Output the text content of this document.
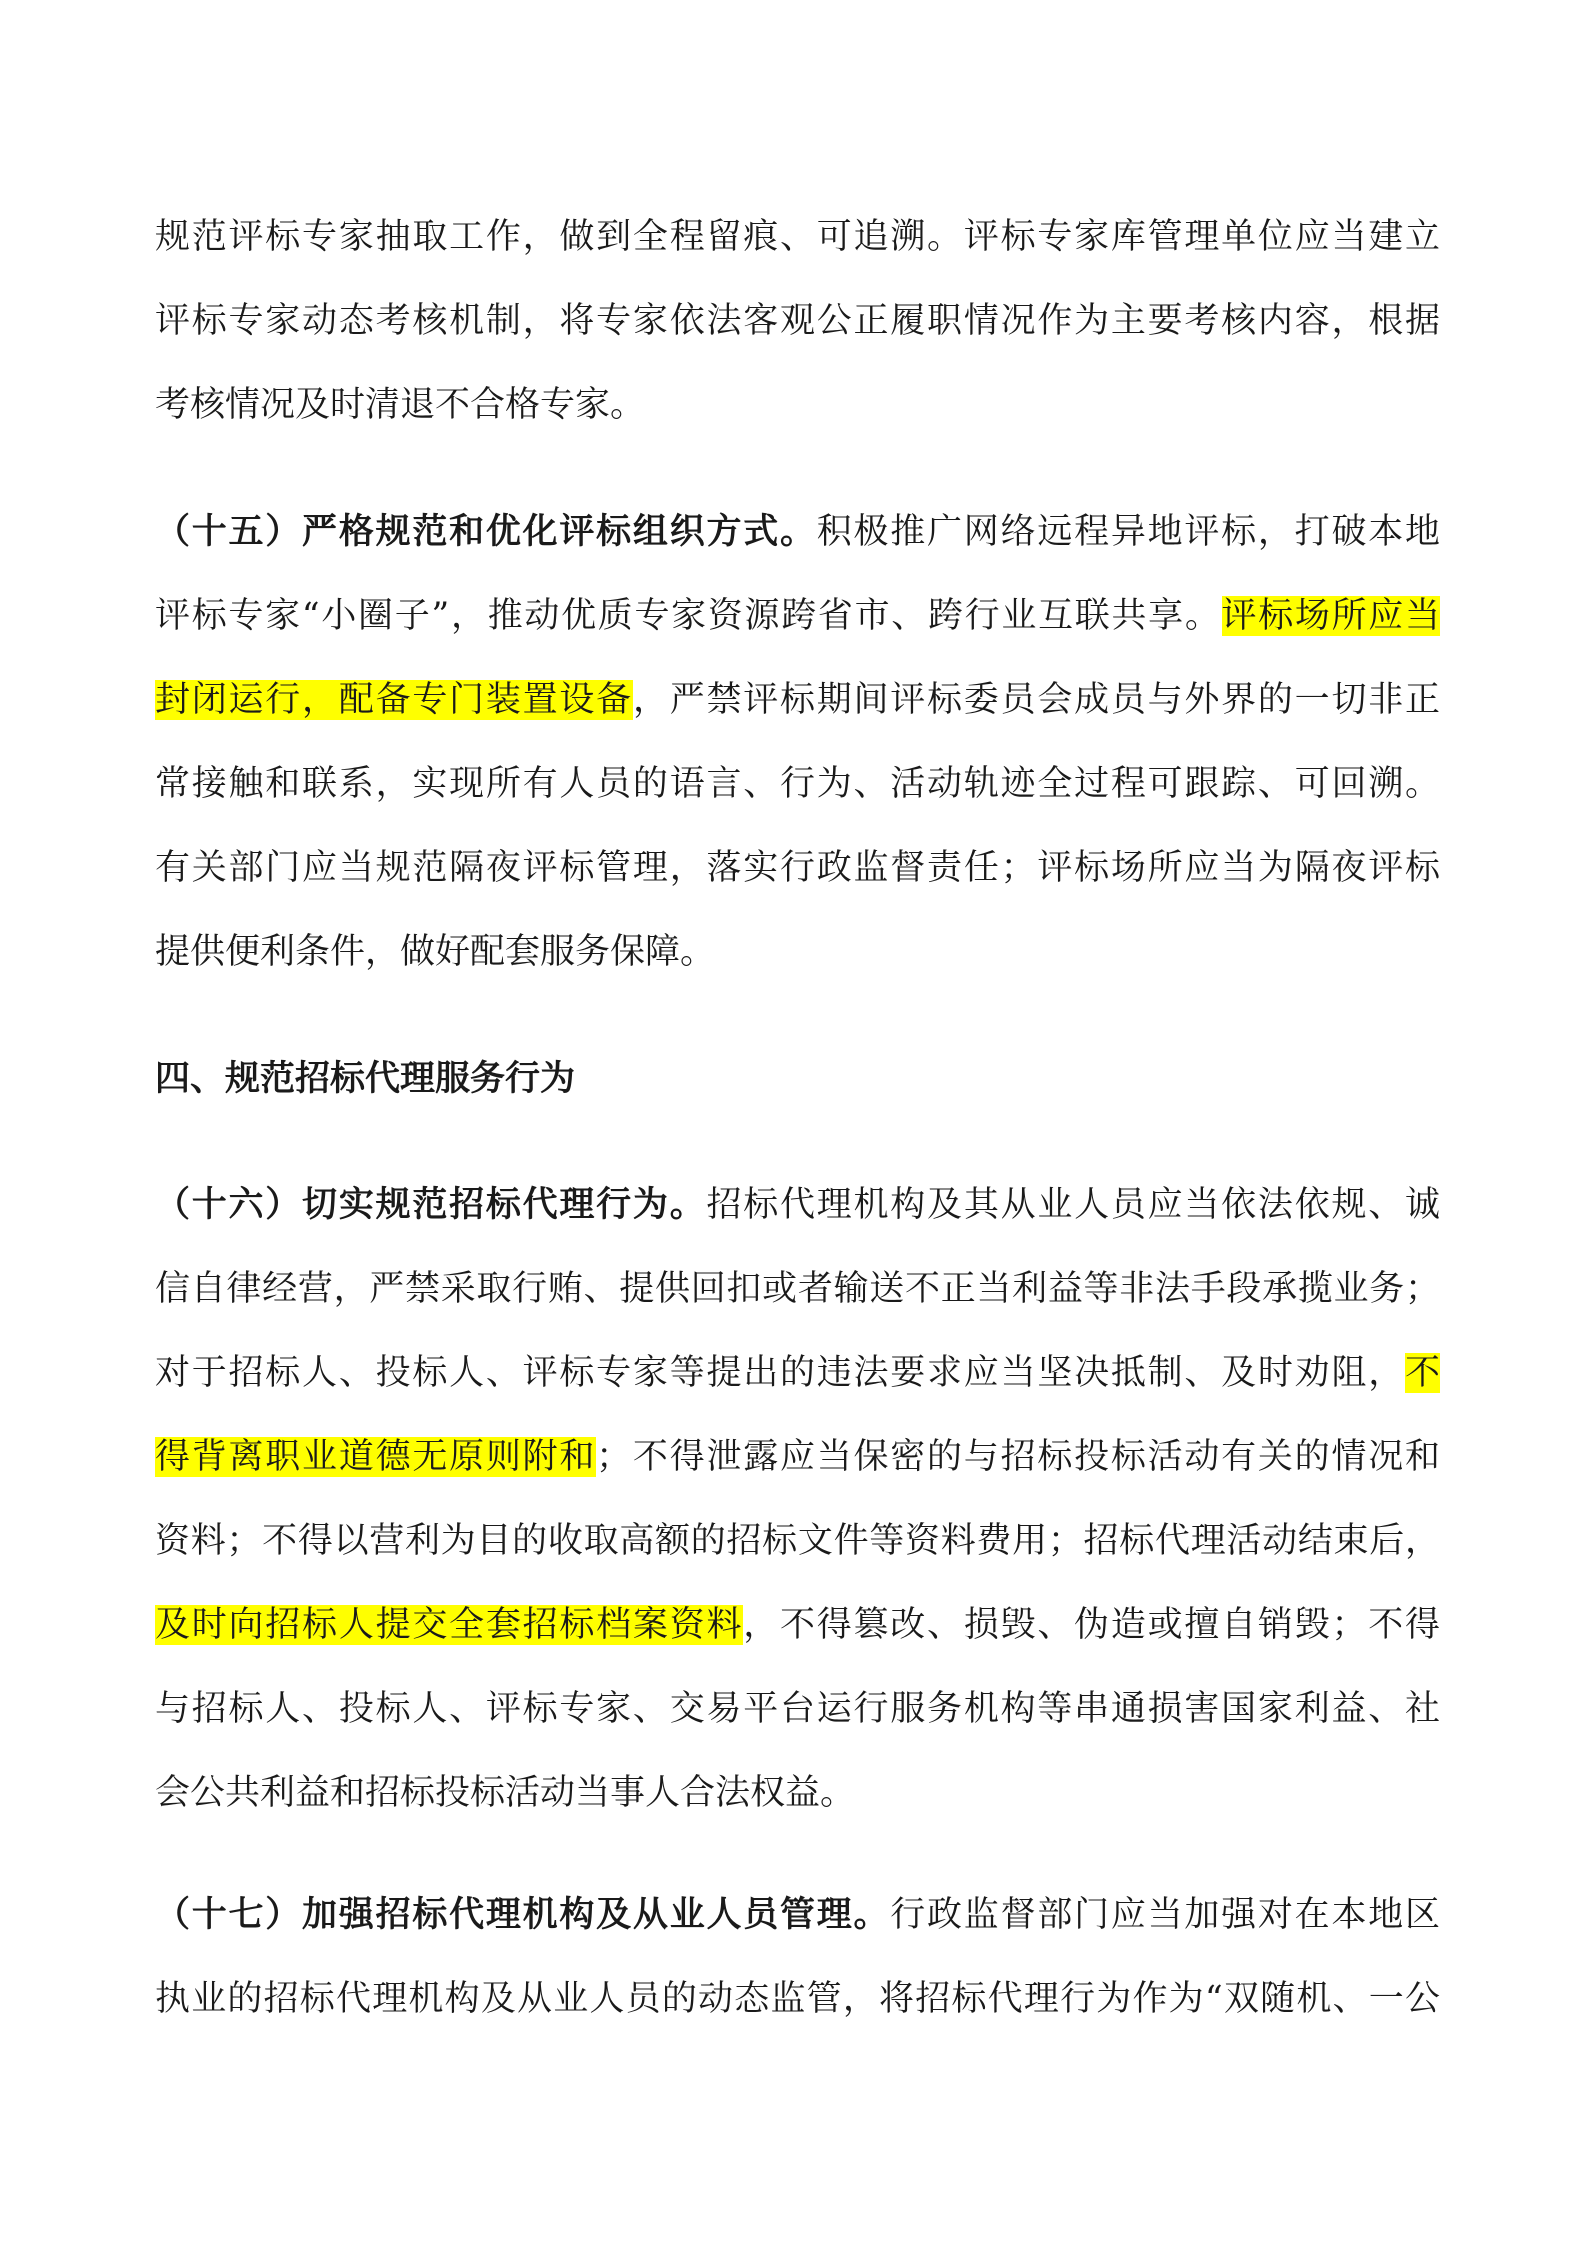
规范评标专家抽取工作，做到全程留痕、可追溯。评标专家库管理单位应当建立
评标专家动态考核机制，将专家依法客观公正履职情况作为主要考核内容，根据
考核情况及时清退不合格专家。
（十五）严格规范和优化评标组织方式。积极推广网络远程异地评标，打破本地
评标专家“小圈子”，推动优质专家资源跨省市、跨行业互联共享。评标场所应当
封闭运行，配备专门装置设备，严禁评标期间评标委员会成员与外界的一切非正
常接触和联系，实现所有人员的语言、行为、活动轨迹全过程可跟踪、可回溯。
有关部门应当规范隔夜评标管理，落实行政监督责任；评标场所应当为隔夜评标
提供便利条件，做好配套服务保障。
四、规范招标代理服务行为
（十六）切实规范招标代理行为。招标代理机构及其从业人员应当依法依规、诚
信自律经营，严禁采取行贿、提供回扣或者输送不正当利益等非法手段承揽业务；
对于招标人、投标人、评标专家等提出的违法要求应当坚决抵制、及时劝阻，不
得背离职业道德无原则附和；不得泄露应当保密的与招标投标活动有关的情况和
资料；不得以营利为目的收取高额的招标文件等资料费用；招标代理活动结束后，
及时向招标人提交全套招标档案资料，不得篡改、损毁、伪造或擅自销毁；不得
与招标人、投标人、评标专家、交易平台运行服务机构等串通损害国家利益、社
会公共利益和招标投标活动当事人合法权益。
（十七）加强招标代理机构及从业人员管理。行政监督部门应当加强对在本地区
执业的招标代理机构及从业人员的动态监管，将招标代理行为作为“双随机、一公
